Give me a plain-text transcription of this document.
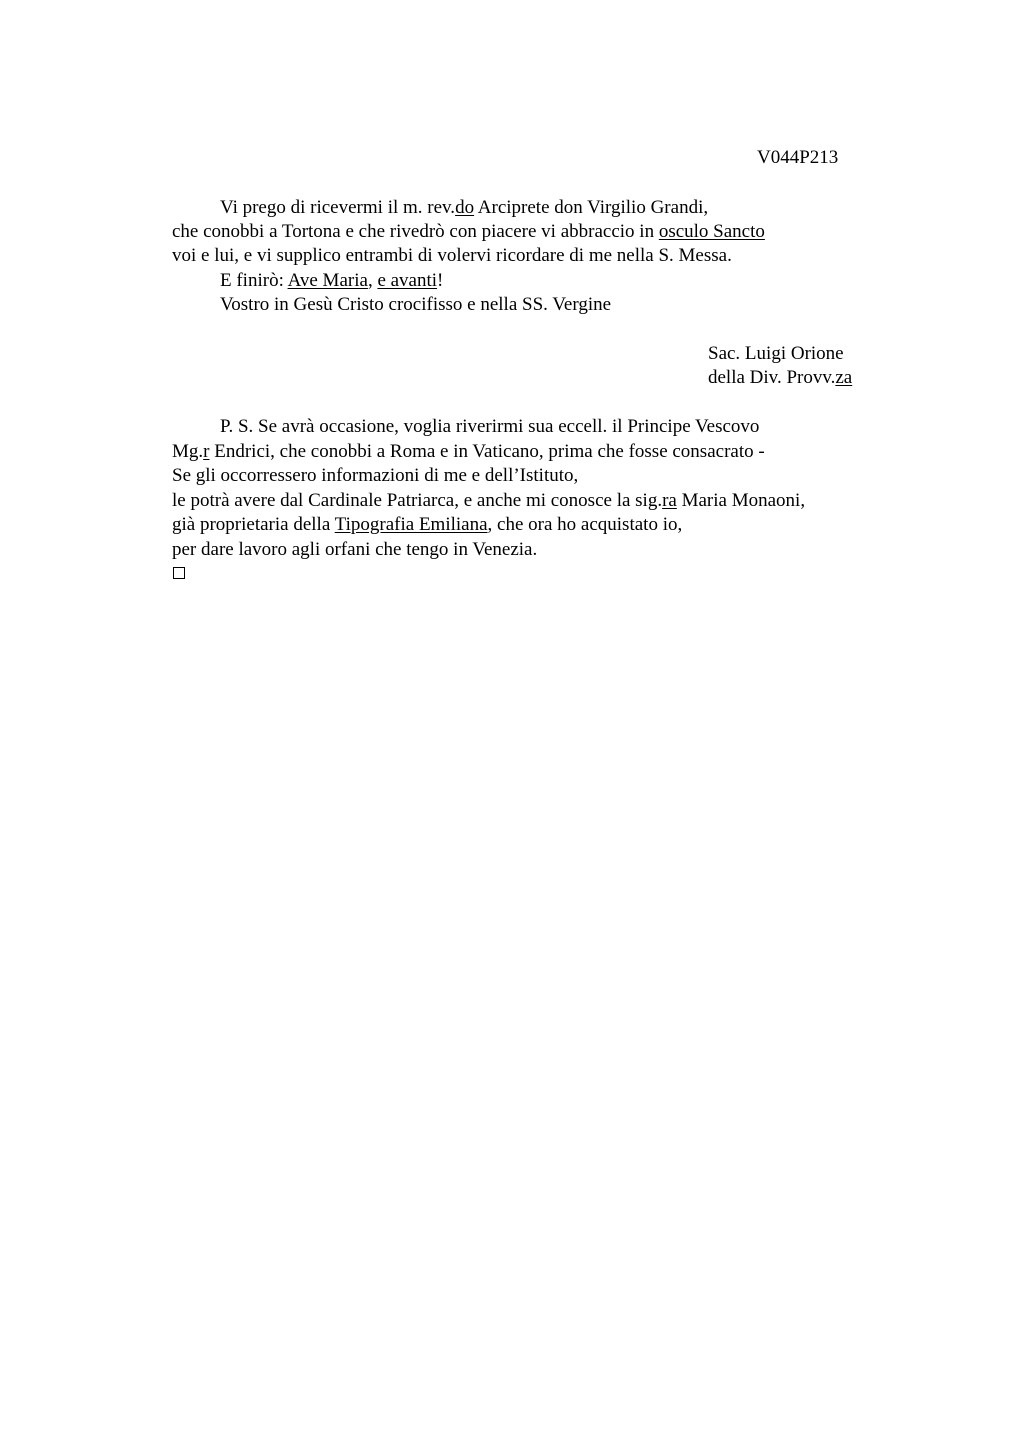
V044P213
Vi prego di ricevermi il m. rev.do Arciprete don Virgilio Grandi,
che conobbi a Tortona e che rivedrò con piacere vi abbraccio in osculo Sancto
voi e lui, e vi supplico entrambi di volervi ricordare di me nella S. Messa.
E finirò: Ave Maria, e avanti!
Vostro in Gesù Cristo crocifisso e nella SS. Vergine
Sac. Luigi Orione
della Div. Provv.za
P. S. Se avrà occasione, voglia riverirmi sua eccell. il Principe Vescovo
Mg.r Endrici, che conobbi a Roma e in Vaticano, prima che fosse consacrato -
Se gli occorressero informazioni di me e dell’Istituto,
le potrà avere dal Cardinale Patriarca, e anche mi conosce la sig.ra Maria Monaoni,
già proprietaria della Tipografia Emiliana, che ora ho acquistato io,
per dare lavoro agli orfani che tengo in Venezia.
